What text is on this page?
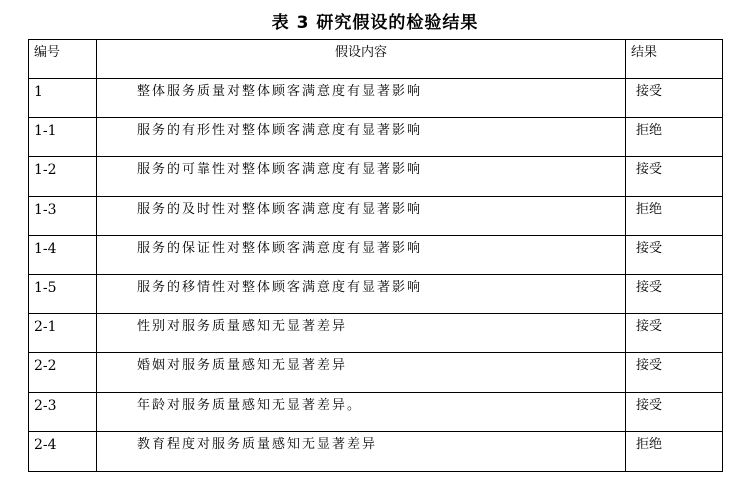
表 3 研究假设的检验结果
编号	假设内容	结果
1	整体服务质量对整体顾客满意度有显著影响	接受
1-1	服务的有形性对整体顾客满意度有显著影响	拒绝
1-2	服务的可靠性对整体顾客满意度有显著影响	接受
1-3	服务的及时性对整体顾客满意度有显著影响	拒绝
1-4	服务的保证性对整体顾客满意度有显著影响	接受
1-5	服务的移情性对整体顾客满意度有显著影响	接受
2-1	性别对服务质量感知无显著差异	接受
2-2	婚姻对服务质量感知无显著差异	接受
2-3	年龄对服务质量感知无显著差异。	接受
2-4	教育程度对服务质量感知无显著差异	拒绝
